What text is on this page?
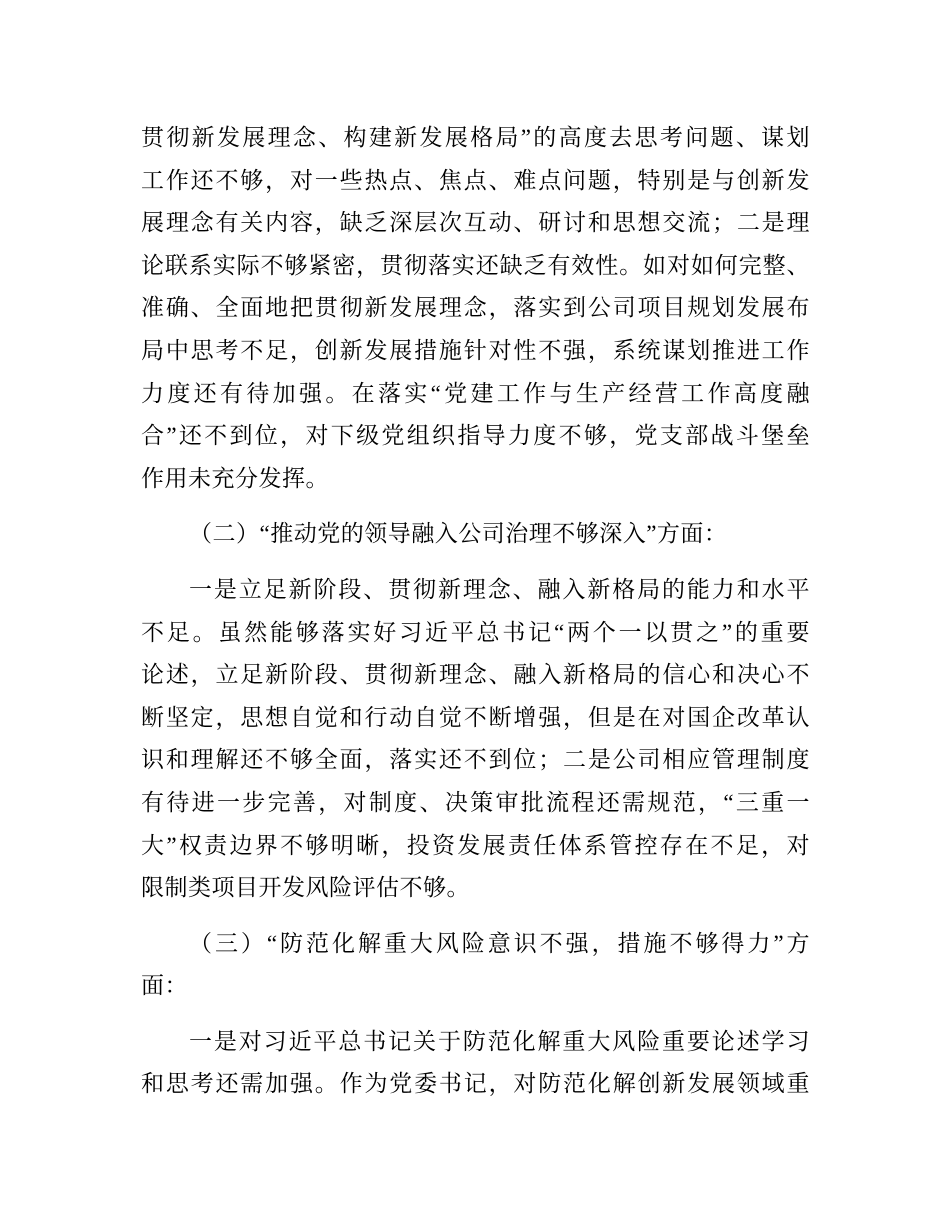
贯彻新发展理念、构建新发展格局”的高度去思考问题、谋划
工作还不够，对一些热点、焦点、难点问题，特别是与创新发
展理念有关内容，缺乏深层次互动、研讨和思想交流；二是理
论联系实际不够紧密，贯彻落实还缺乏有效性。如对如何完整、
准确、全面地把贯彻新发展理念，落实到公司项目规划发展布
局中思考不足，创新发展措施针对性不强，系统谋划推进工作
力度还有待加强。在落实“党建工作与生产经营工作高度融
合”还不到位，对下级党组织指导力度不够，党支部战斗堡垒
作用未充分发挥。
（二）“推动党的领导融入公司治理不够深入”方面：
一是立足新阶段、贯彻新理念、融入新格局的能力和水平
不足。虽然能够落实好习近平总书记“两个一以贯之”的重要
论述，立足新阶段、贯彻新理念、融入新格局的信心和决心不
断坚定，思想自觉和行动自觉不断增强，但是在对国企改革认
识和理解还不够全面，落实还不到位；二是公司相应管理制度
有待进一步完善，对制度、决策审批流程还需规范，“三重一
大”权责边界不够明晰，投资发展责任体系管控存在不足，对
限制类项目开发风险评估不够。
（三）“防范化解重大风险意识不强，措施不够得力”方
面：
一是对习近平总书记关于防范化解重大风险重要论述学习
和思考还需加强。作为党委书记，对防范化解创新发展领域重
